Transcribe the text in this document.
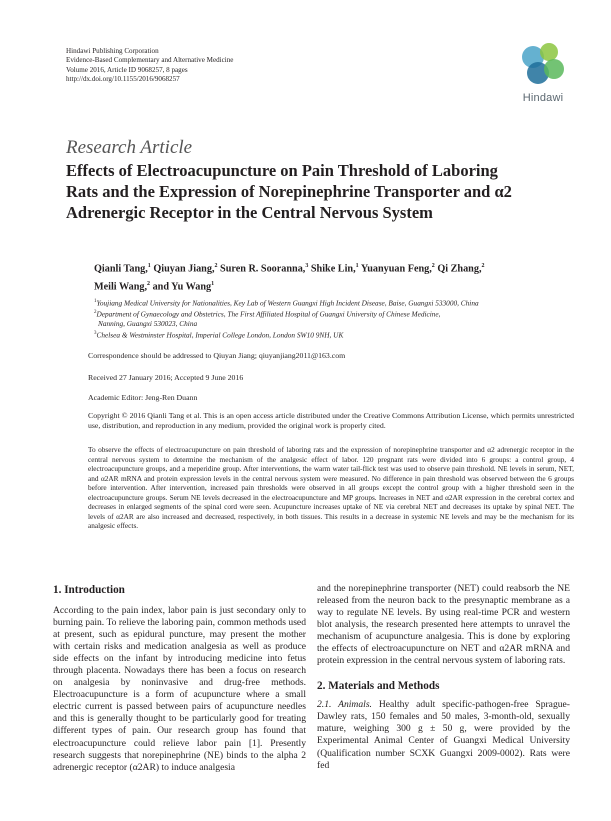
Hindawi Publishing Corporation
Evidence-Based Complementary and Alternative Medicine
Volume 2016, Article ID 9068257, 8 pages
http://dx.doi.org/10.1155/2016/9068257
Hindawi
Research Article
Effects of Electroacupuncture on Pain Threshold of Laboring
Rats and the Expression of Norepinephrine Transporter and α2
Adrenergic Receptor in the Central Nervous System
Qianli Tang,$^1$ Qiuyan Jiang,$^2$ Suren R. Sooranna,$^3$ Shike Lin,$^1$ Yuanyuan Feng,$^2$ Qi Zhang,$^2$
Meili Wang,$^2$ and Yu Wang$^1$
$^1$Youjiang Medical University for Nationalities, Key Lab of Western Guangxi High Incident Disease, Baise, Guangxi 533000, China
$^2$Department of Gynaecology and Obstetrics, The First Affiliated Hospital of Guangxi University of Chinese Medicine,
Nanning, Guangxi 530023, China
$^3$Chelsea & Westminster Hospital, Imperial College London, London SW10 9NH, UK
Correspondence should be addressed to Qiuyan Jiang; qiuyanjiang2011@163.com
Received 27 January 2016; Accepted 9 June 2016
Academic Editor: Jeng-Ren Duann
Copyright © 2016 Qianli Tang et al. This is an open access article distributed under the Creative Commons Attribution License, which permits unrestricted use, distribution, and reproduction in any medium, provided the original work is properly cited.
To observe the effects of electroacupuncture on pain threshold of laboring rats and the expression of norepinephrine transporter and α2 adrenergic receptor in the central nervous system to determine the mechanism of the analgesic effect of labor. 120 pregnant rats were divided into 6 groups: a control group, 4 electroacupuncture groups, and a meperidine group. After interventions, the warm water tail-flick test was used to observe pain threshold. NE levels in serum, NET, and α2AR mRNA and protein expression levels in the central nervous system were measured. No difference in pain threshold was observed between the 6 groups before intervention. After intervention, increased pain thresholds were observed in all groups except the control group with a higher threshold seen in the electroacupuncture groups. Serum NE levels decreased in the electroacupuncture and MP groups. Increases in NET and α2AR expression in the cerebral cortex and decreases in enlarged segments of the spinal cord were seen. Acupuncture increases uptake of NE via cerebral NET and decreases its uptake by spinal NET. The levels of α2AR are also increased and decreased, respectively, in both tissues. This results in a decrease in systemic NE levels and may be the mechanism for its analgesic effects.
1. Introduction

According to the pain index, labor pain is just secondary only to burning pain. To relieve the laboring pain, common methods used at present, such as epidural puncture, may present the mother with certain risks and medication analgesia as well as produce side effects on the infant by introducing medicine into fetus through placenta. Nowadays there has been a focus on research on analgesia by noninvasive and drug-free methods. Electroacupuncture is a form of acupuncture where a small electric current is passed between pairs of acupuncture needles and this is generally thought to be particularly good for treating different types of pain. Our research group has found that electroacupuncture could relieve labor pain [1]. Presently research suggests that norepinephrine (NE) binds to the alpha 2 adrenergic receptor (α2AR) to induce analgesia

and the norepinephrine transporter (NET) could reabsorb the NE released from the neuron back to the presynaptic membrane as a way to regulate NE levels. By using real-time PCR and western blot analysis, the research presented here attempts to unravel the mechanism of acupuncture analgesia. This is done by exploring the effects of electroacupuncture on NET and α2AR mRNA and protein expression in the central nervous system of laboring rats.

2. Materials and Methods

2.1. Animals. Healthy adult specific-pathogen-free Sprague-Dawley rats, 150 females and 50 males, 3-month-old, sexually mature, weighing 300 g ± 50 g, were provided by the Experimental Animal Center of Guangxi Medical University (Qualification number SCXK Guangxi 2009-0002). Rats were fed
